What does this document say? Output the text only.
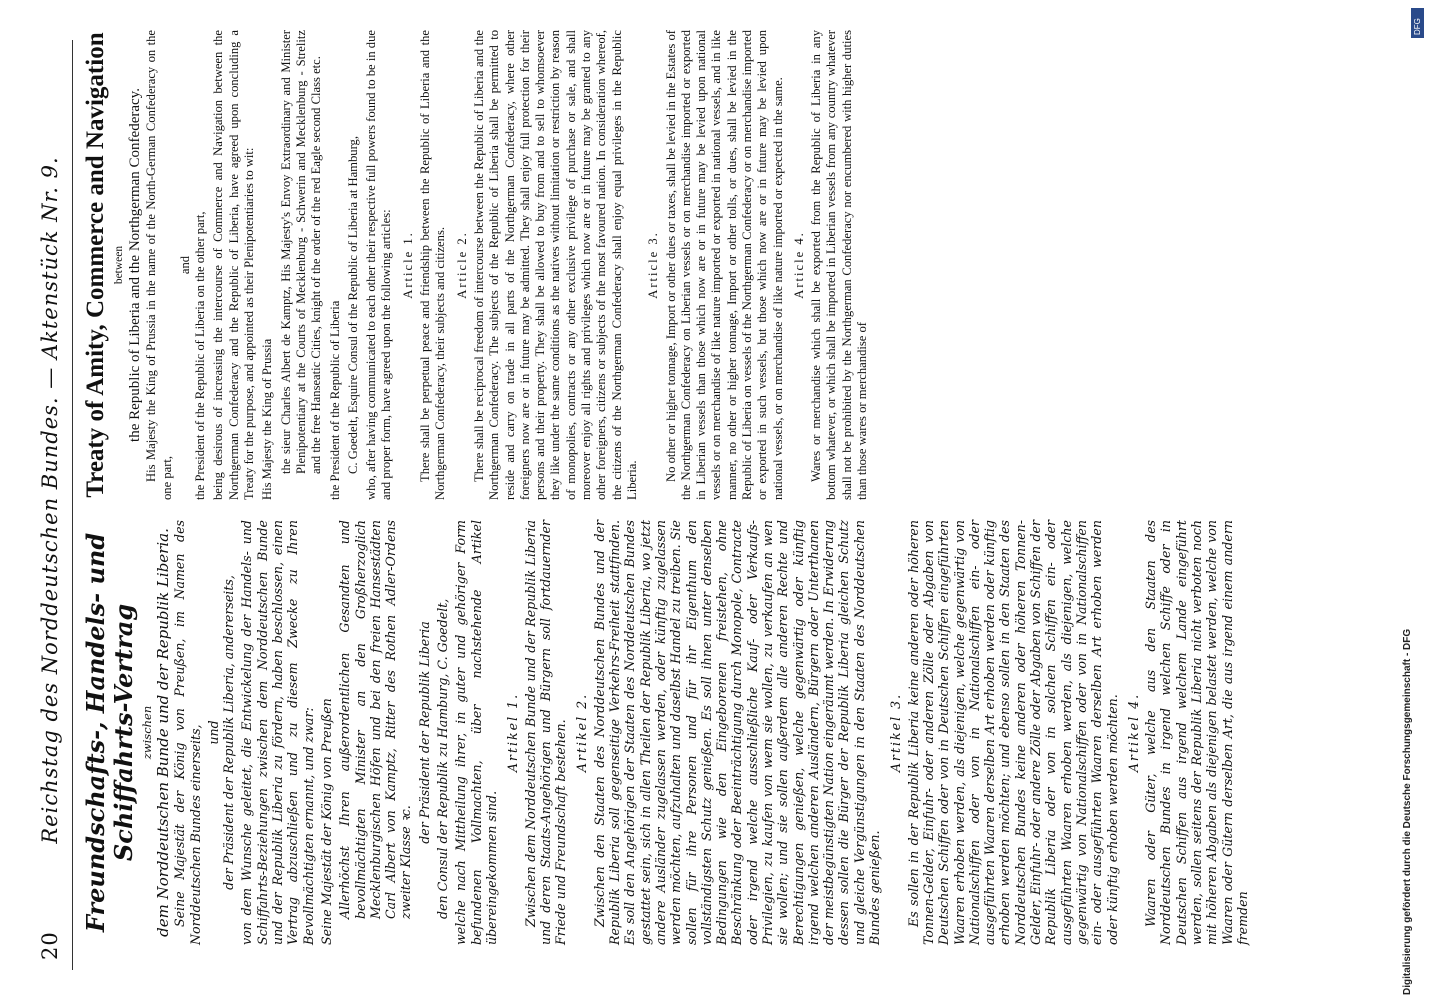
20
Reichstag des Norddeutschen Bundes. — Aktenstück Nr. 9. Freundschafts-, Handels- und Schiffahrts-Vertrag zwischen dem Norddeutschen Bunde und der Republik Liberia. Seine Majestät der König von Preußen, im Namen des Norddeutschen Bundes einerseits, und der Präsident der Republik Liberia, andererseits, von dem Wunsche geleitet, die Entwickelung der Handels- und Schiffahrts-Beziehungen zwischen dem Norddeutschen Bunde und der Republik Liberia zu fördern, haben beschlossen, einen Vertrag abzuschließen und zu diesem Zwecke zu Ihren Bevollmächtigten ernannt, und zwar: Seine Majestät der König von Preußen Allerhöchst Ihren außerordentlichen Gesandten und bevollmächtigten Minister an den Großherzoglich Mecklenburgischen Höfen und bei den freien Hansestädten Carl Albert von Kamptz, Ritter des Rothen Adler-Ordens zweiter Klasse ꝛc.

der Präsident der Republik Liberia den Consul der Republik zu Hamburg, C. Goedelt, welche nach Mittheilung ihrer, in guter und gehöriger Form befundenen Vollmachten, über nachstehende Artikel übereingekommen sind.

Artikel 1. Zwischen dem Norddeutschen Bunde und der Republik Liberia und deren Staats-Angehörigen und Bürgern soll fortdauernder Friede und Freundschaft bestehen. Artikel 2. Zwischen den Staaten des Norddeutschen Bundes und der Republik Liberia soll gegenseitige Verkehrs-Freiheit stattfinden. Es soll den Angehörigen der Staaten des Norddeutschen Bundes gestattet sein, sich in allen Theilen der Republik Liberia, wo jetzt andere Ausländer zugelassen werden, oder künftig zugelassen werden möchten, aufzuhalten und daselbst Handel zu treiben. Sie sollen für ihre Personen und für ihr Eigenthum den vollständigsten Schutz genießen. Es soll ihnen unter denselben Bedingungen wie den Eingeborenen freistehen, ohne Beschränkung oder Beeinträchtigung durch Monopole, Contracte oder irgend welche ausschließliche Kauf- oder Verkaufs-Privilegien, zu kaufen von wem sie wollen, zu verkaufen an wen sie wollen; und sie sollen außerdem alle anderen Rechte und Berechtigungen genießen, welche gegenwärtig oder künftig irgend welchen anderen Ausländern, Bürgern oder Unterthanen der meistbegünstigten Nation eingeräumt werden. In Erwiderung dessen sollen die Bürger der Republik Liberia gleichen Schutz und gleiche Vergünstigungen in den Staaten des Norddeutschen Bundes genießen.

Artikel 3. Es sollen in der Republik Liberia keine anderen oder höheren Tonnen-Gelder, Einfuhr- oder anderen Zölle oder Abgaben von Deutschen Schiffen oder von in Deutschen Schiffen eingeführten Waaren erhoben werden, als diejenigen, welche gegenwärtig von Nationalschiffen oder von in Nationalschiffen ein- oder ausgeführten Waaren derselben Art erhoben werden oder künftig erhoben werden möchten; und ebenso sollen in den Staaten des Norddeutschen Bundes keine anderen oder höheren Tonnen-Gelder, Einfuhr- oder andere Zölle oder Abgaben von Schiffen der Republik Liberia oder von in solchen Schiffen ein- oder ausgeführten Waaren erhoben werden, als diejenigen, welche gegenwärtig von Nationalschiffen oder von in Nationalschiffen ein- oder ausgeführten Waaren derselben Art erhoben werden oder künftig erhoben werden möchten. Artikel 4. Waaren oder Güter, welche aus den Staaten des Norddeutschen Bundes in irgend welchen Schiffe oder in Deutschen Schiffen aus irgend welchem Lande eingeführt werden, sollen seitens der Republik Liberia nicht verboten noch mit höheren Abgaben als diejenigen belastet werden, welche von Waaren oder Gütern derselben Art, die aus irgend einem andern fremden

Treaty of Amity, Commerce and Navigation between the Republic of Liberia and the Northgerman Confederacy. His Majesty the King of Prussia in the name of the North-German Confederacy on the one part,

and the President of the Republic of Liberia on the other part, being desirous of increasing the intercourse of Commerce and Navigation between the Northgerman Confederacy and the Republic of Liberia, have agreed upon concluding a Treaty for the purpose, and appointed as their Plenipotentiaries to wit: His Majesty the King of Prussia the sieur Charles Albert de Kamptz, His Majesty's Envoy Extraordinary and Minister Plenipotentiary at the Courts of Mecklenburg - Schwerin and Mecklenburg - Strelitz and the free Hanseatic Cities, knight of the order of the red Eagle second Class etc. the President of the Republic of Liberia C. Goedelt, Esquire Consul of the Republic of Liberia at Hamburg, who, after having communicated to each other their respective full powers found to be in due and proper form, have agreed upon the following articles: Article 1. There shall be perpetual peace and friendship between the Republic of Liberia and the Northgerman Confederacy, their subjects and citizens. Article 2. There shall be reciprocal freedom of intercourse between the Republic of Liberia and the Northgerman Confederacy. The subjects of the Republic of Liberia shall be permitted to reside and carry on trade in all parts of the Northgerman Confederacy, where other foreigners now are or in future may be admitted. They shall enjoy full protection for their persons and their property. They shall be allowed to buy from and to sell to whomsoever they like under the same conditions as the natives without limitation or restriction by reason of monopolies, contracts or any other exclusive privilege of purchase or sale, and shall moreover enjoy all rights and privileges which now are or in future may be granted to any other foreigners, citizens or subjects of the most favoured nation. In consideration whereof, the citizens of the Northgerman Confederacy shall enjoy equal privileges in the Republic Liberia.

Article 3. No other or higher tonnage, Import or other dues or taxes, shall be levied in the Estates of the Northgerman Confederacy on Liberian vessels or on merchandise imported or exported in Liberian vessels than those which now are or in future may be levied upon national vessels or on merchandise of like nature imported or exported in national vessels, and in like manner, no other or higher tonnage, Import or other tolls, or dues, shall be levied in the Republic of Liberia on vessels of the Northgerman Confederacy or on merchandise imported or exported in such vessels, but those which now are or in future may be levied upon national vessels, or on merchandise of like nature imported or expected in the same. Article 4. Wares or merchandise which shall be exported from the Republic of Liberia in any bottom whatever, or which shall be imported in Liberian vessels from any country whatever shall not be prohibited by the Northgerman Confederacy nor encumbered with higher duties than those wares or merchandise of

Digitalisierung gefördert durch die Deutsche Forschungsgemeinschaft - DFG
DFG
